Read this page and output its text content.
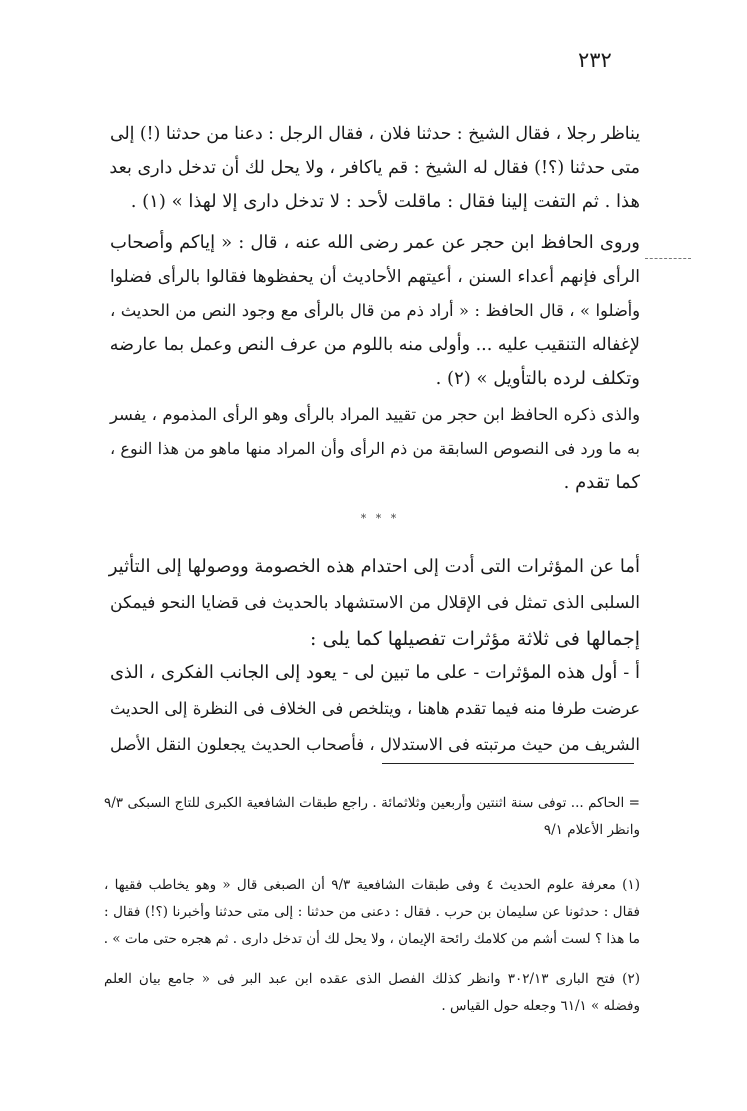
٢٣٢
يناظر رجلا ، فقال الشيخ : حدثنا فلان ، فقال الرجل : دعنا من حدثنا (!) إلى
متى حدثنا (؟!) فقال له الشيخ : قم ياكافر ، ولا يحل لك أن تدخل دارى بعد
هذا . ثم التفت إلينا فقال : ماقلت لأحد : لا تدخل دارى إلا لهذا » (١) .
وروى الحافظ ابن حجر عن عمر رضى الله عنه ، قال : « إياكم وأصحاب
الرأى فإنهم أعداء السنن ، أعيتهم الأحاديث أن يحفظوها فقالوا بالرأى فضلوا
وأضلوا » ، قال الحافظ : « أراد ذم من قال بالرأى مع وجود النص من الحديث ،
لإغفاله التنقيب عليه ... وأولى منه باللوم من عرف النص وعمل بما عارضه
وتكلف لرده بالتأويل » (٢) .
والذى ذكره الحافظ ابن حجر من تقييد المراد بالرأى وهو الرأى المذموم ، يفسر
به ما ورد فى النصوص السابقة من ذم الرأى وأن المراد منها ماهو من هذا النوع ،
كما تقدم .
* * *
أما عن المؤثرات التى أدت إلى احتدام هذه الخصومة ووصولها إلى التأثير
السلبى الذى تمثل فى الإقلال من الاستشهاد بالحديث فى قضايا النحو فيمكن
إجمالها فى ثلاثة مؤثرات تفصيلها كما يلى :
أ - أول هذه المؤثرات - على ما تبين لى - يعود إلى الجانب الفكرى ، الذى
عرضت طرفا منه فيما تقدم هاهنا ، ويتلخص فى الخلاف فى النظرة إلى الحديث
الشريف من حيث مرتبته فى الاستدلال ، فأصحاب الحديث يجعلون النقل الأصل
= الحاكم ... توفى سنة اثنتين وأربعين وثلاثمائة . راجع طبقات الشافعية الكبرى للتاج السبكى ٩/٣
وانظر الأعلام ٩/١
(١) معرفة علوم الحديث ٤ وفى طبقات الشافعية ٩/٣ أن الصبغى قال « وهو يخاطب فقيها ،
فقال : حدثونا عن سليمان بن حرب . فقال : دعنى من حدثنا : إلى متى حدثنا وأخبرنا (؟!) فقال :
ما هذا ؟ لست أشم من كلامك رائحة الإيمان ، ولا يحل لك أن تدخل دارى . ثم هجره حتى مات » .
(٢) فتح البارى ٣٠٢/١٣ وانظر كذلك الفصل الذى عقده ابن عبد البر فى « جامع بيان العلم
وفضله » ٦١/١ وجعله حول القياس .
